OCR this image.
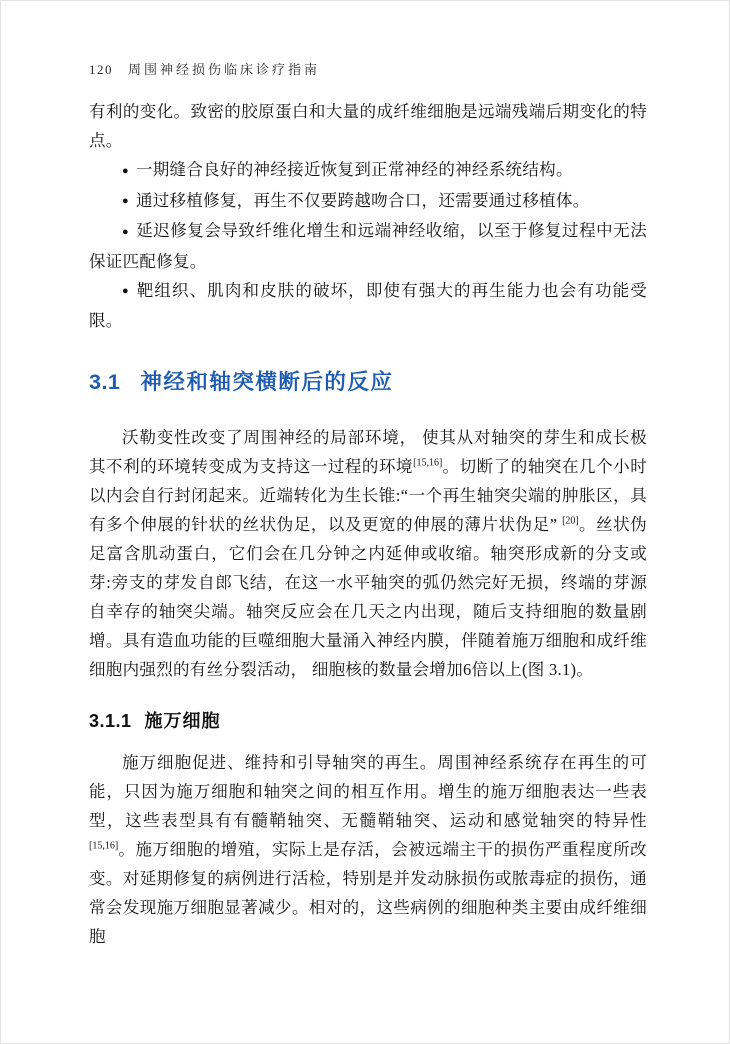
120 周围神经损伤临床诊疗指南

有利的变化。致密的胶原蛋白和大量的成纤维细胞是远端残端后期变化的特点。

● 一期缝合良好的神经接近恢复到正常神经的神经系统结构。

● 通过移植修复，再生不仅要跨越吻合口，还需要通过移植体。

● 延迟修复会导致纤维化增生和远端神经收缩，以至于修复过程中无法保证匹配修复。

● 靶组织、肌肉和皮肤的破坏，即使有强大的再生能力也会有功能受限。

3.1 神经和轴突横断后的反应

沃勒变性改变了周围神经的局部环境， 使其从对轴突的芽生和成长极其不利的环境转变成为支持这一过程的环境[15,16]。切断了的轴突在几个小时以内会自行封闭起来。近端转化为生长锥:“一个再生轴突尖端的肿胀区，具有多个伸展的针状的丝状伪足，以及更宽的伸展的薄片状伪足” [20]。丝状伪足富含肌动蛋白，它们会在几分钟之内延伸或收缩。轴突形成新的分支或芽:旁支的芽发自郎飞结，在这一水平轴突的弧仍然完好无损，终端的芽源自幸存的轴突尖端。轴突反应会在几天之内出现，随后支持细胞的数量剧增。具有造血功能的巨噬细胞大量涌入神经内膜，伴随着施万细胞和成纤维细胞内强烈的有丝分裂活动， 细胞核的数量会增加6倍以上(图 3.1)。

3.1.1 施万细胞

施万细胞促进、维持和引导轴突的再生。周围神经系统存在再生的可能，只因为施万细胞和轴突之间的相互作用。增生的施万细胞表达一些表型，这些表型具有有髓鞘轴突、无髓鞘轴突、运动和感觉轴突的特异性[15,16]。施万细胞的增殖，实际上是存活，会被远端主干的损伤严重程度所改变。对延期修复的病例进行活检，特别是并发动脉损伤或脓毒症的损伤，通常会发现施万细胞显著减少。相对的，这些病例的细胞种类主要由成纤维细胞
